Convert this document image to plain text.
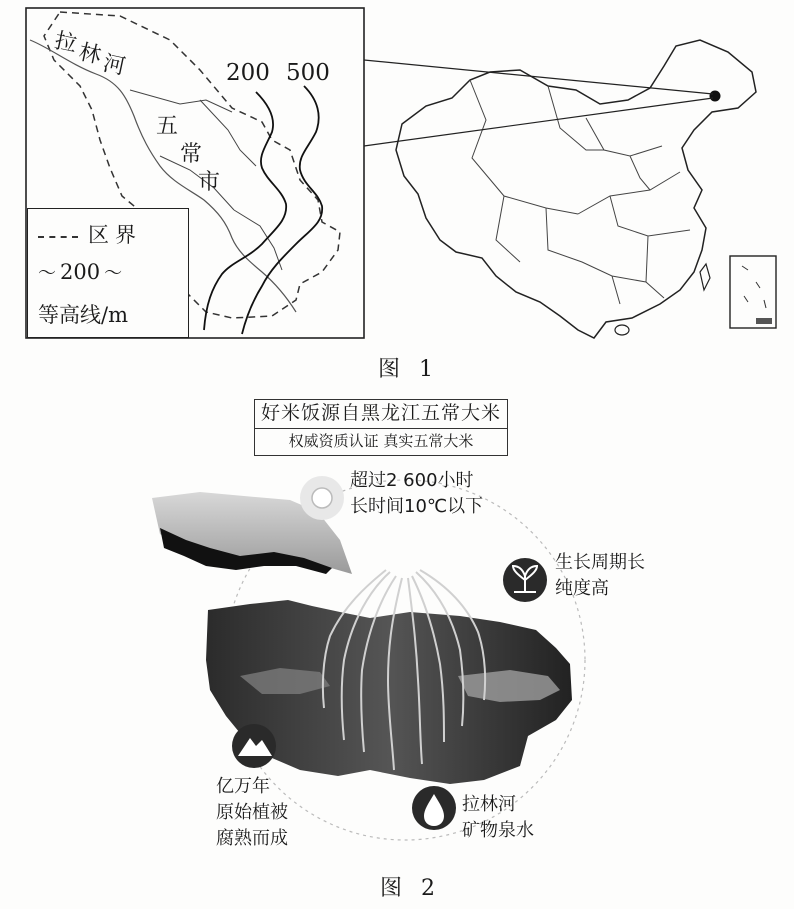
拉林河
五
常
市
200 500
区界
〜 200 〜
等高线/m
图 1
好米饭源自黑龙江五常大米
权威资质认证 真实五常大米
超过2 600小时
长时间10℃以下
生长周期长
纯度高
亿万年
原始植被
腐熟而成
拉林河
矿物泉水
图 2
